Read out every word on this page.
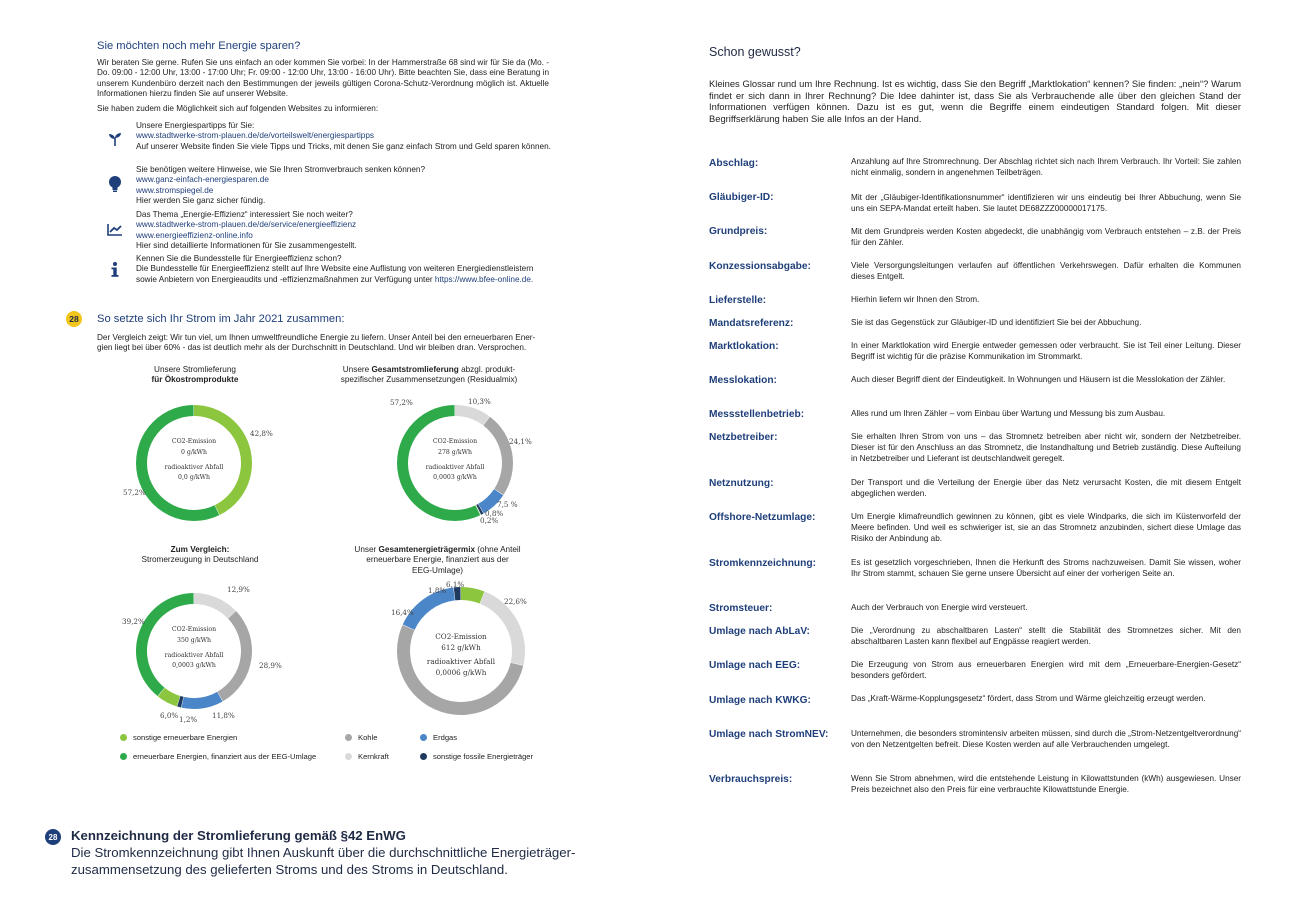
Sie möchten noch mehr Energie sparen?
Wir beraten Sie gerne. Rufen Sie uns einfach an oder kommen Sie vorbei: In der Hammerstraße 68 sind wir für Sie da (Mo. - Do. 09:00 - 12:00 Uhr, 13:00 - 17:00 Uhr; Fr. 09:00 - 12:00 Uhr, 13:00 - 16:00 Uhr). Bitte beachten Sie, dass eine Beratung in unserem Kundenbüro derzeit nach den Bestimmungen der jeweils gültigen Corona-Schutz-Verordnung möglich ist. Aktuelle Informationen hierzu finden Sie auf unserer Website.
Sie haben zudem die Möglichkeit sich auf folgenden Websites zu informieren:
Unsere Energiespartipps für Sie:
www.stadtwerke-strom-plauen.de/de/vorteilswelt/energiespartipps
Auf unserer Website finden Sie viele Tipps und Tricks, mit denen Sie ganz einfach Strom und Geld sparen können.
Sie benötigen weitere Hinweise, wie Sie Ihren Stromverbrauch senken können?
www.ganz-einfach-energiesparen.de
www.stromspiegel.de
Hier werden Sie ganz sicher fündig.
Das Thema „Energie-Effizienz“ interessiert Sie noch weiter?
www.stadtwerke-strom-plauen.de/de/service/energieeffizienz
www.energieeffizienz-online.info
Hier sind detaillierte Informationen für Sie zusammengestellt.
Kennen Sie die Bundesstelle für Energieeffizienz schon?
Die Bundesstelle für Energieeffizienz stellt auf Ihre Website eine Auflistung von weiteren Energiedienstleistern sowie Anbietern von Energieaudits und -effizienzmaßnahmen zur Verfügung unter https://www.bfee-online.de.
28 So setzte sich Ihr Strom im Jahr 2021 zusammen:
Der Vergleich zeigt: Wir tun viel, um Ihnen umweltfreundliche Energie zu liefern. Unser Anteil bei den erneuerbaren Ener- gien liegt bei über 60% - das ist deutlich mehr als der Durchschnitt in Deutschland. Und wir bleiben dran. Versprochen.
Unsere Stromlieferung
für Ökostromprodukte
Unsere Gesamtstromlieferung abzgl. produkt-
spezifischer Zusammensetzungen (Residualmix)
Zum Vergleich:
Stromerzeugung in Deutschland
Unser Gesamtenergieträgermix (ohne Anteil
erneuerbare Energie, finanziert aus der
EEG-Umlage)
42,8%
57,2%
CO2-Emission
0 g/kWh
radioaktiver Abfall
0,0 g/kWh
10,3%
24,1%
7,5 %
0,8%
0,2%
57,2%
CO2-Emission
278 g/kWh
radioaktiver Abfall
0,0003 g/kWh
12,9%
28,9%
11,8%
1,2%
6,0%
39,2%
CO2-Emission
350 g/kWh
radioaktiver Abfall
0,0003 g/kWh
6,1%
22,6%
16,4%
1,8%
CO2-Emission
612 g/kWh
radioaktiver Abfall
0,0006 g/kWh
sonstige erneuerbare Energien	Kohle	Erdgas
erneuerbare Energien, finanziert aus der EEG-Umlage	Kernkraft	sonstige fossile Energieträger
28 Kennzeichnung der Stromlieferung gemäß §42 EnWG
Die Stromkennzeichnung gibt Ihnen Auskunft über die durchschnittliche Energieträger- zusammensetzung des gelieferten Stroms und des Stroms in Deutschland.
Schon gewusst?
Kleines Glossar rund um Ihre Rechnung. Ist es wichtig, dass Sie den Begriff „Marktlokation“ kennen? Sie finden: „nein“? Warum findet er sich dann in Ihrer Rechnung? Die Idee dahinter ist, dass Sie als Verbrauchende alle über den gleichen Stand der Informationen verfügen können. Dazu ist es gut, wenn die Begriffe einem eindeutigen Standard folgen. Mit dieser Begriffserklärung haben Sie alle Infos an der Hand.
Abschlag:	Anzahlung auf Ihre Stromrechnung. Der Abschlag richtet sich nach Ihrem Verbrauch. Ihr Vorteil: Sie zahlen nicht einmalig, sondern in angenehmen Teilbeträgen.
Gläubiger-ID:	Mit der „Gläubiger-Identifikationsnummer“ identifizieren wir uns eindeutig bei Ihrer Abbuchung, wenn Sie uns ein SEPA-Mandat erteilt haben. Sie lautet DE68ZZZ00000017175.
Grundpreis:	Mit dem Grundpreis werden Kosten abgedeckt, die unabhängig vom Verbrauch entstehen – z.B. der Preis für den Zähler.
Konzessionsabgabe:	Viele Versorgungsleitungen verlaufen auf öffentlichen Verkehrswegen. Dafür erhalten die Kommunen dieses Entgelt.
Lieferstelle:	Hierhin liefern wir Ihnen den Strom.
Mandatsreferenz:	Sie ist das Gegenstück zur Gläubiger-ID und identifiziert Sie bei der Abbuchung.
Marktlokation:	In einer Marktlokation wird Energie entweder gemessen oder verbraucht. Sie ist Teil einer Leitung. Dieser Begriff ist wichtig für die präzise Kommunikation im Strommarkt.
Messlokation:	Auch dieser Begriff dient der Eindeutigkeit. In Wohnungen und Häusern ist die Messlokation der Zähler.
Messstellenbetrieb:	Alles rund um Ihren Zähler – vom Einbau über Wartung und Messung bis zum Ausbau.
Netzbetreiber:	Sie erhalten Ihren Strom von uns – das Stromnetz betreiben aber nicht wir, sondern der Netzbetreiber. Dieser ist für den Anschluss an das Stromnetz, die Instandhaltung und Betrieb zuständig. Diese Aufteilung in Netzbetreiber und Lieferant ist deutschlandweit geregelt.
Netznutzung:	Der Transport und die Verteilung der Energie über das Netz verursacht Kosten, die mit diesem Entgelt abgeglichen werden.
Offshore-Netzumlage:	Um Energie klimafreundlich gewinnen zu können, gibt es viele Windparks, die sich im Küstenvorfeld der Meere befinden. Und weil es schwieriger ist, sie an das Stromnetz anzubinden, sichert diese Umlage das Risiko der Anbindung ab.
Stromkennzeichnung:	Es ist gesetzlich vorgeschrieben, Ihnen die Herkunft des Stroms nachzuweisen. Damit Sie wissen, woher Ihr Strom stammt, schauen Sie gerne unsere Übersicht auf einer der vorherigen Seite an.
Stromsteuer:	Auch der Verbrauch von Energie wird versteuert.
Umlage nach AbLaV:	Die „Verordnung zu abschaltbaren Lasten“ stellt die Stabilität des Stromnetzes sicher. Mit den abschaltbaren Lasten kann flexibel auf Engpässe reagiert werden.
Umlage nach EEG:	Die Erzeugung von Strom aus erneuerbaren Energien wird mit dem „Erneuerbare-Energien-Gesetz“ besonders gefördert.
Umlage nach KWKG:	Das „Kraft-Wärme-Kopplungsgesetz“ fördert, dass Strom und Wärme gleichzeitig erzeugt werden.
Umlage nach StromNEV:	Unternehmen, die besonders stromintensiv arbeiten müssen, sind durch die „Strom-Netzentgeltverordnung“ von den Netzentgelten befreit. Diese Kosten werden auf alle Verbrauchenden umgelegt.
Verbrauchspreis:	Wenn Sie Strom abnehmen, wird die entstehende Leistung in Kilowattstunden (kWh) ausgewiesen. Unser Preis bezeichnet also den Preis für eine verbrauchte Kilowattstunde Energie.
